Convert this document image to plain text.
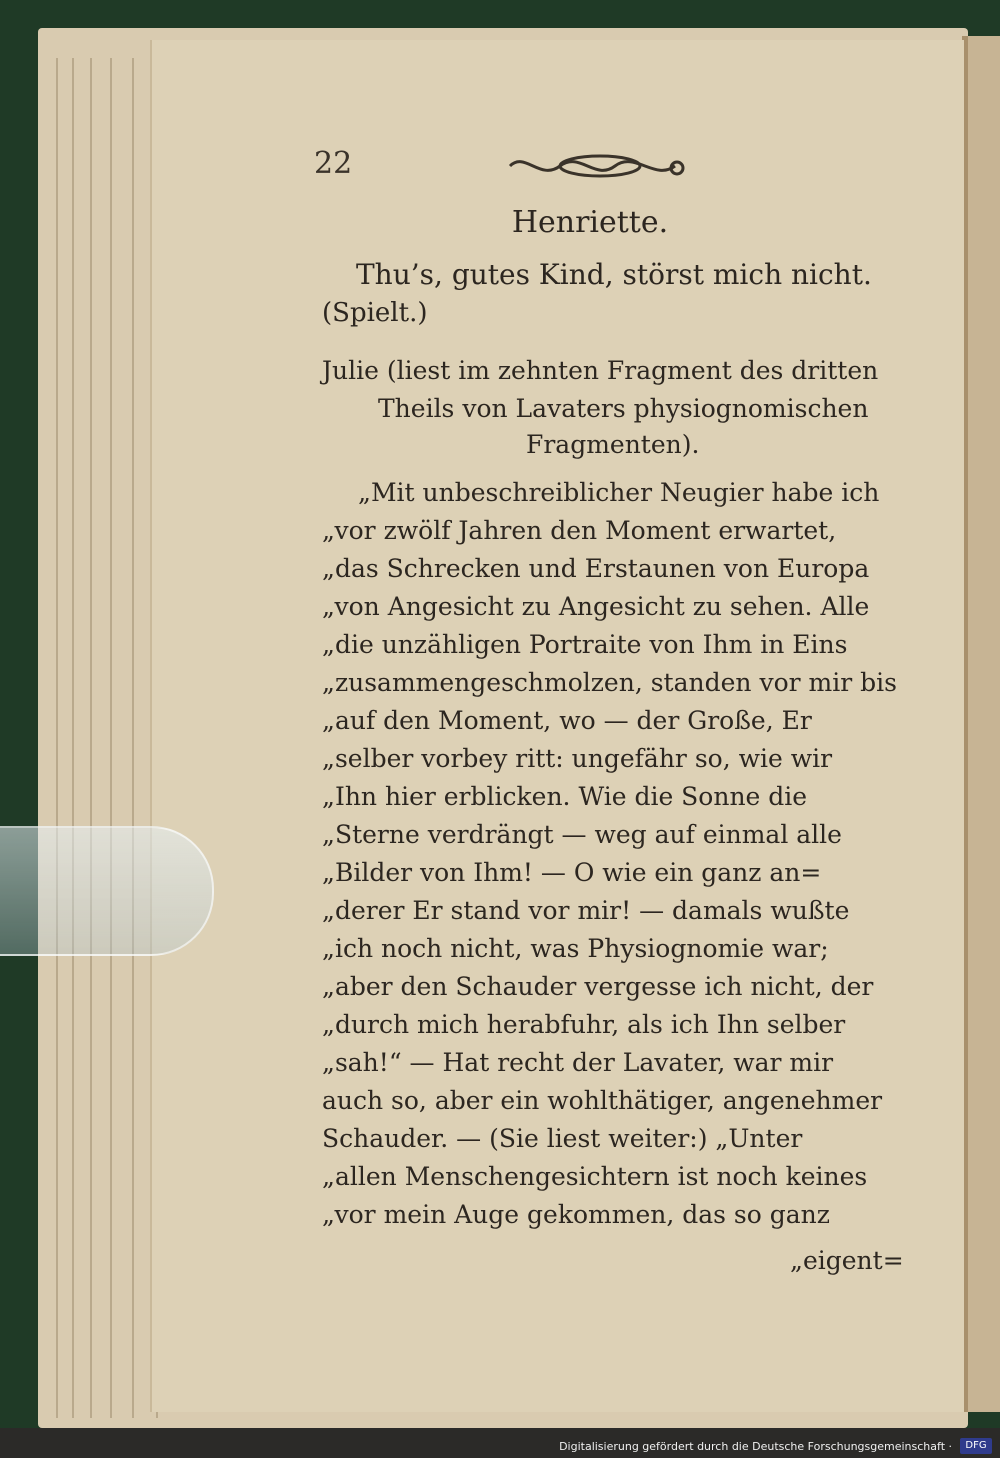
22
Henriette.
Thu’s, gutes Kind, störst mich nicht.
(Spielt.)
Julie (liest im zehnten Fragment des dritten
Theils von Lavaters physiognomischen
Fragmenten).
„Mit unbeschreiblicher Neugier habe ich
„vor zwölf Jahren den Moment erwartet,
„das Schrecken und Erstaunen von Europa
„von Angesicht zu Angesicht zu sehen. Alle
„die unzähligen Portraite von Ihm in Eins
„zusammengeschmolzen, standen vor mir bis
„auf den Moment, wo — der Große, Er
„selber vorbey ritt: ungefähr so, wie wir
„Ihn hier erblicken. Wie die Sonne die
„Sterne verdrängt — weg auf einmal alle
„Bilder von Ihm! — O wie ein ganz an=
„derer Er stand vor mir! — damals wußte
„ich noch nicht, was Physiognomie war;
„aber den Schauder vergesse ich nicht, der
„durch mich herabfuhr, als ich Ihn selber
„sah!“ — Hat recht der Lavater, war mir
auch so, aber ein wohlthätiger, angenehmer
Schauder. — (Sie liest weiter:) „Unter
„allen Menschengesichtern ist noch keines
„vor mein Auge gekommen, das so ganz
„eigent=
Digitalisierung gefördert durch die Deutsche Forschungsgemeinschaft ·	DFG
